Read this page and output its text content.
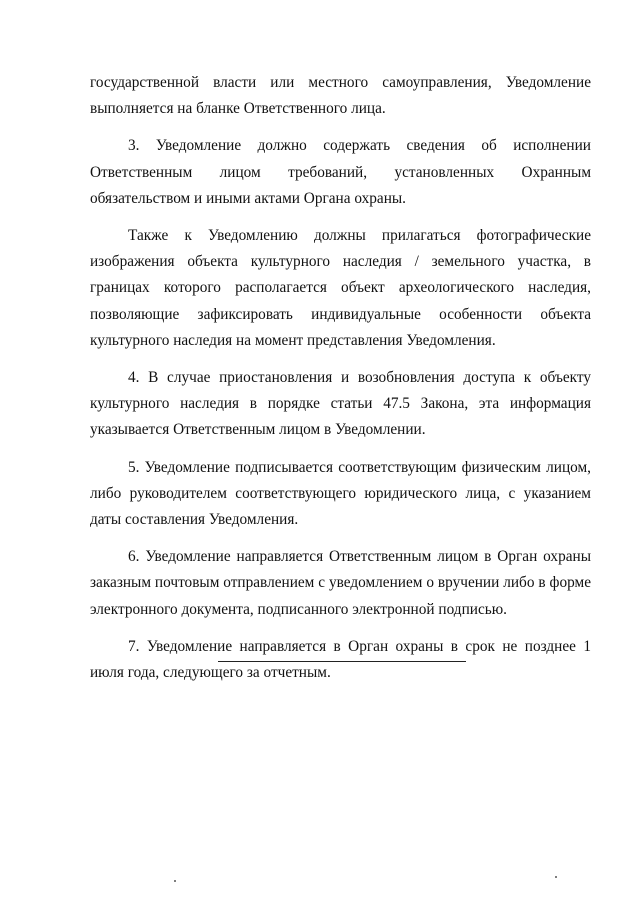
государственной власти или местного самоуправления, Уведомление выполняется на бланке Ответственного лица.

3. Уведомление должно содержать сведения об исполнении Ответственным лицом требований, установленных Охранным обязательством и иными актами Органа охраны.

Также к Уведомлению должны прилагаться фотографические изображения объекта культурного наследия / земельного участка, в границах которого располагается объект археологического наследия, позволяющие зафиксировать индивидуальные особенности объекта культурного наследия на момент представления Уведомления.

4. В случае приостановления и возобновления доступа к объекту культурного наследия в порядке статьи 47.5 Закона, эта информация указывается Ответственным лицом в Уведомлении.

5. Уведомление подписывается соответствующим физическим лицом, либо руководителем соответствующего юридического лица, с указанием даты составления Уведомления.

6. Уведомление направляется Ответственным лицом в Орган охраны заказным почтовым отправлением с уведомлением о вручении либо в форме электронного документа, подписанного электронной подписью.

7. Уведомление направляется в Орган охраны в срок не позднее 1 июля года, следующего за отчетным.
